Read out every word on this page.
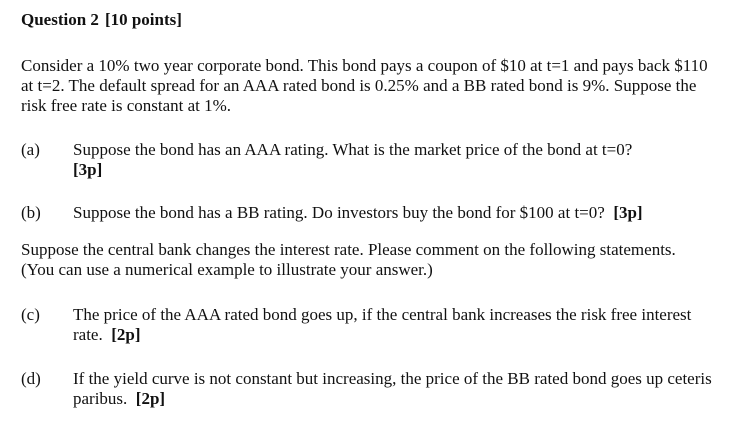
Question 2 [10 points]
Consider a 10% two year corporate bond. This bond pays a coupon of $10 at t=1 and pays back $110 at t=2. The default spread for an AAA rated bond is 0.25% and a BB rated bond is 9%. Suppose the risk free rate is constant at 1%.
(a) Suppose the bond has an AAA rating. What is the market price of the bond at t=0?
[3p]
(b) Suppose the bond has a BB rating. Do investors buy the bond for $100 at t=0? [3p]
Suppose the central bank changes the interest rate. Please comment on the following statements. (You can use a numerical example to illustrate your answer.)
(c) The price of the AAA rated bond goes up, if the central bank increases the risk free interest rate. [2p]
(d) If the yield curve is not constant but increasing, the price of the BB rated bond goes up ceteris paribus. [2p]
